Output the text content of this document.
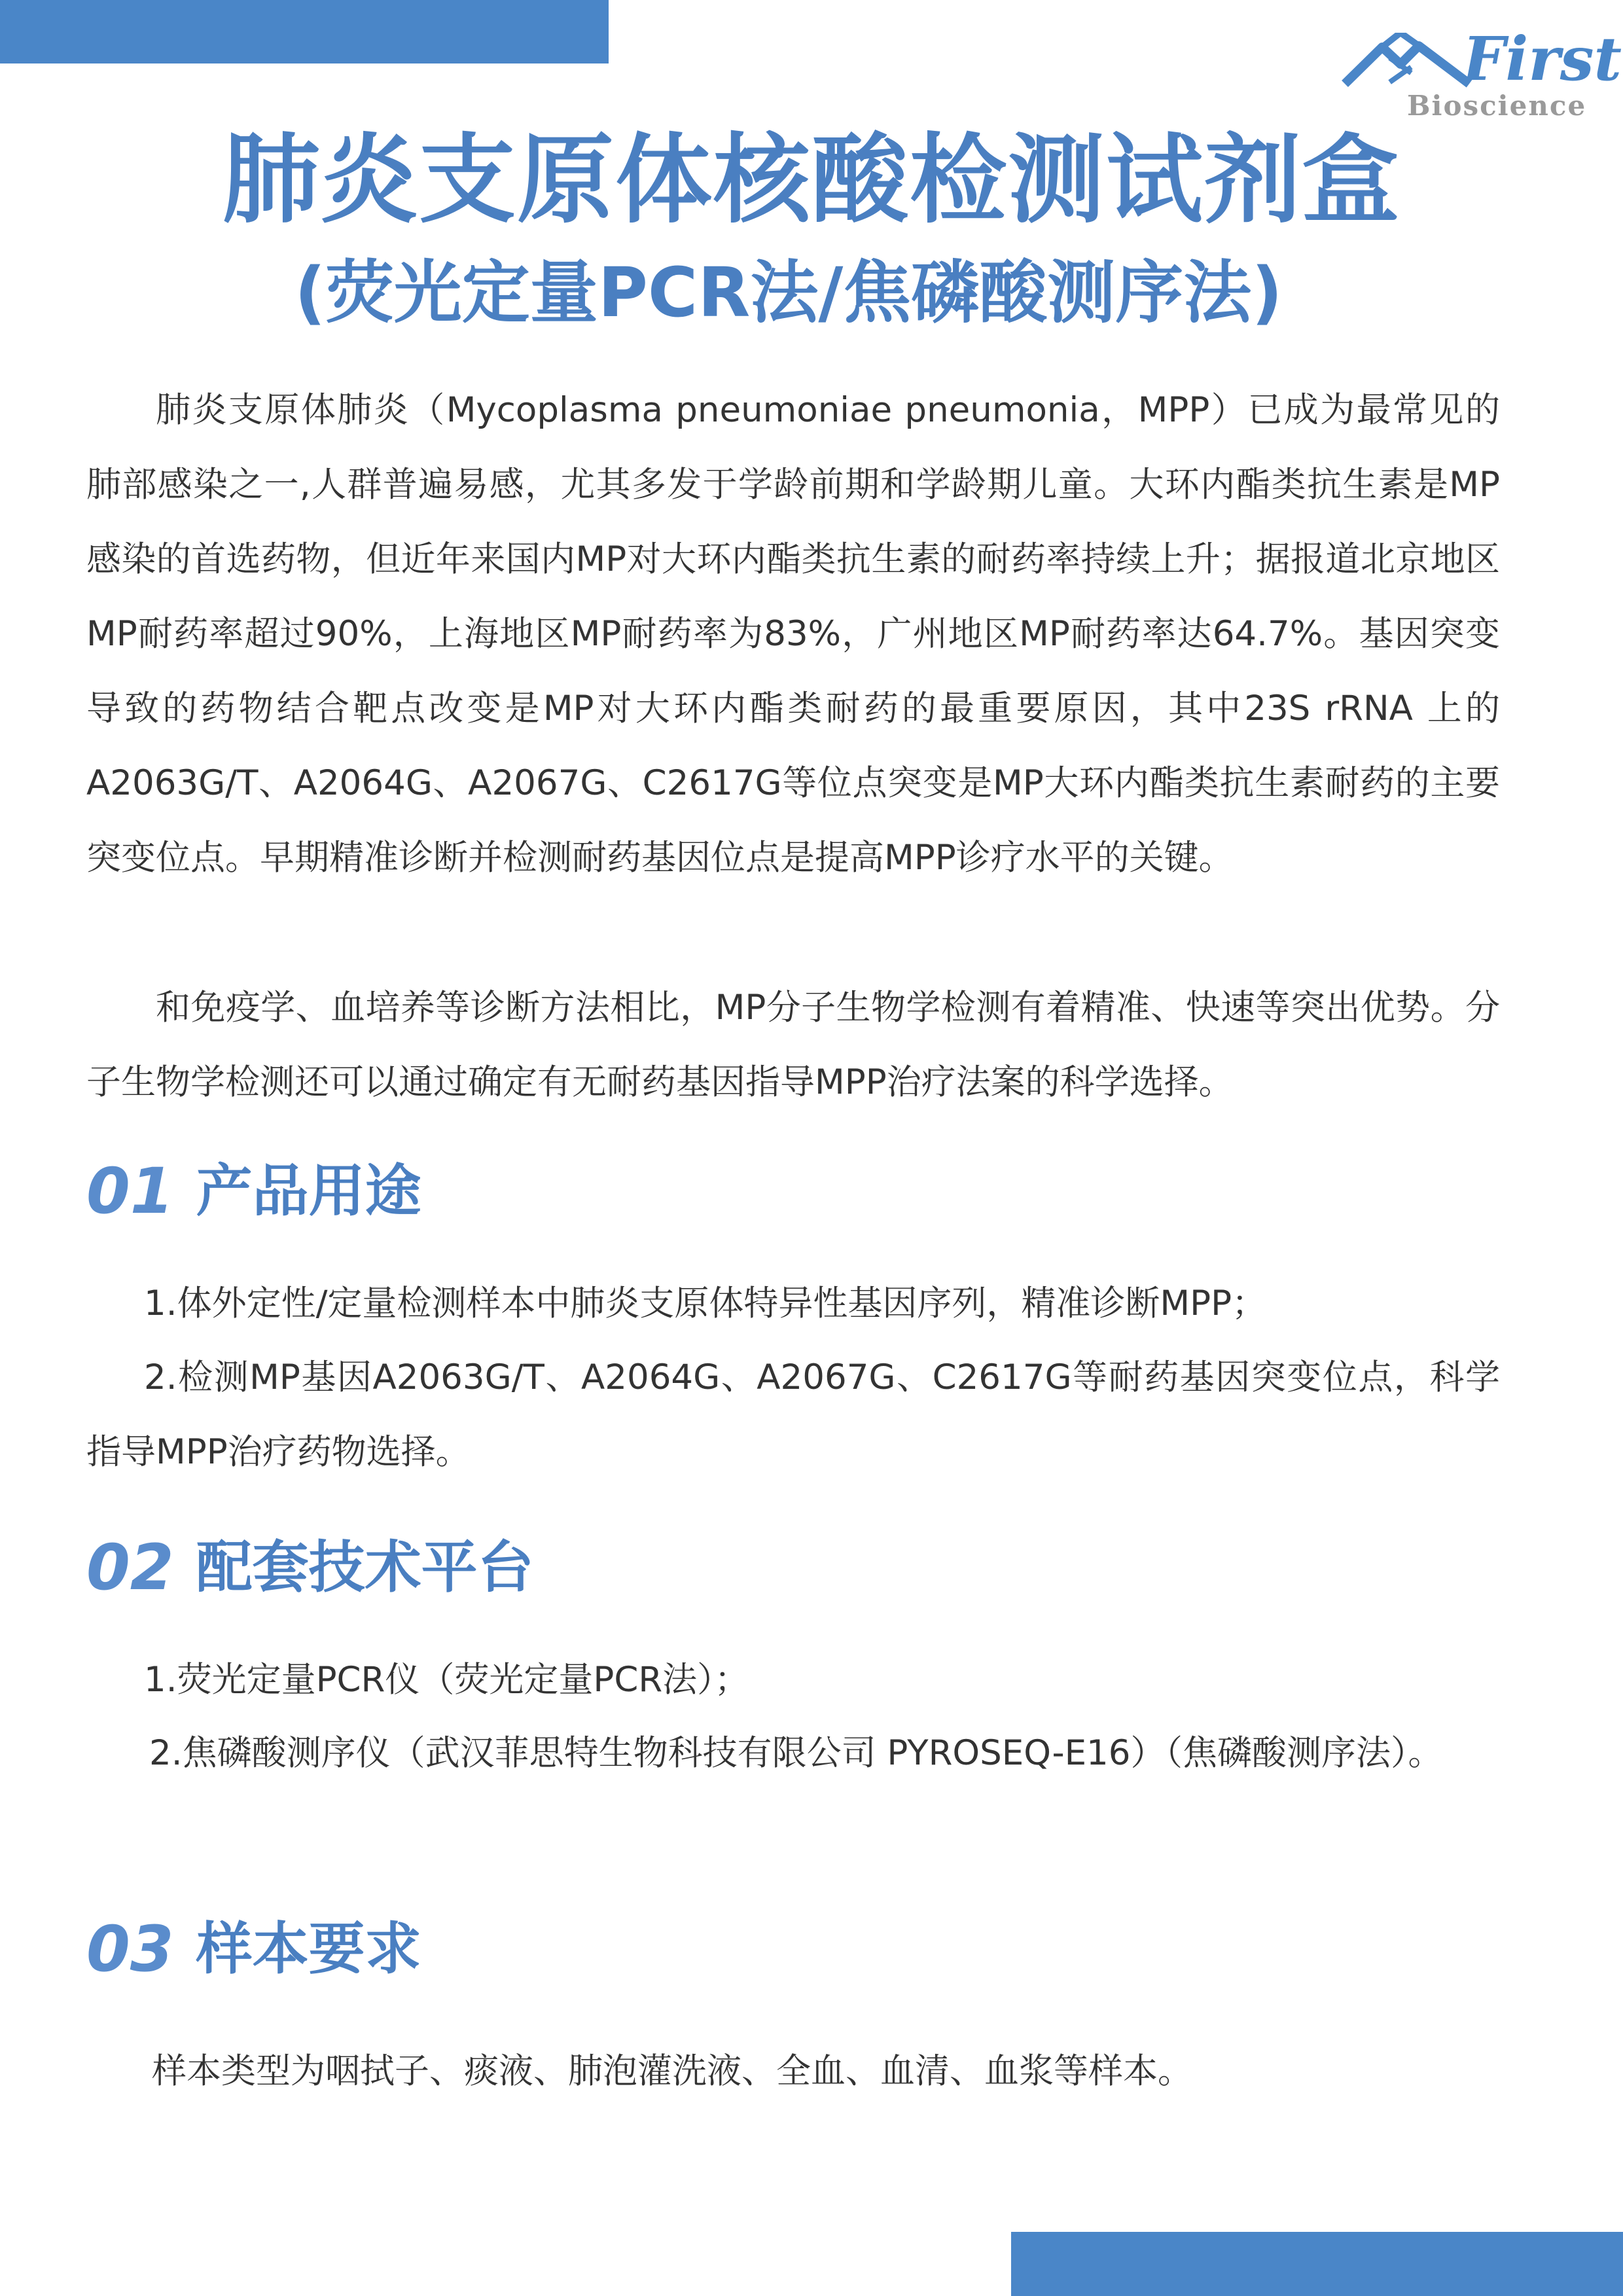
First
Bioscience
肺炎支原体核酸检测试剂盒
(荧光定量PCR法/焦磷酸测序法)
肺炎支原体肺炎（Mycoplasma pneumoniae pneumonia，MPP）已成为最常见的肺部感染之一,人群普遍易感，尤其多发于学龄前期和学龄期儿童。大环内酯类抗生素是MP感染的首选药物，但近年来国内MP对大环内酯类抗生素的耐药率持续上升；据报道北京地区MP耐药率超过90%，上海地区MP耐药率为83%，广州地区MP耐药率达64.7%。基因突变导致的药物结合靶点改变是MP对大环内酯类耐药的最重要原因，其中23S rRNA 上的A2063G/T、A2064G、A2067G、C2617G等位点突变是MP大环内酯类抗生素耐药的主要突变位点。早期精准诊断并检测耐药基因位点是提高MPP诊疗水平的关键。
和免疫学、血培养等诊断方法相比，MP分子生物学检测有着精准、快速等突出优势。分子生物学检测还可以通过确定有无耐药基因指导MPP治疗法案的科学选择。
01 产品用途
1.体外定性/定量检测样本中肺炎支原体特异性基因序列，精准诊断MPP；
2.检测MP基因A2063G/T、A2064G、A2067G、C2617G等耐药基因突变位点，科学指导MPP治疗药物选择。
02 配套技术平台
1.荧光定量PCR仪（荧光定量PCR法）；
2.焦磷酸测序仪（武汉菲思特生物科技有限公司 PYROSEQ-E16）（焦磷酸测序法）。
03 样本要求
样本类型为咽拭子、痰液、肺泡灌洗液、全血、血清、血浆等样本。
